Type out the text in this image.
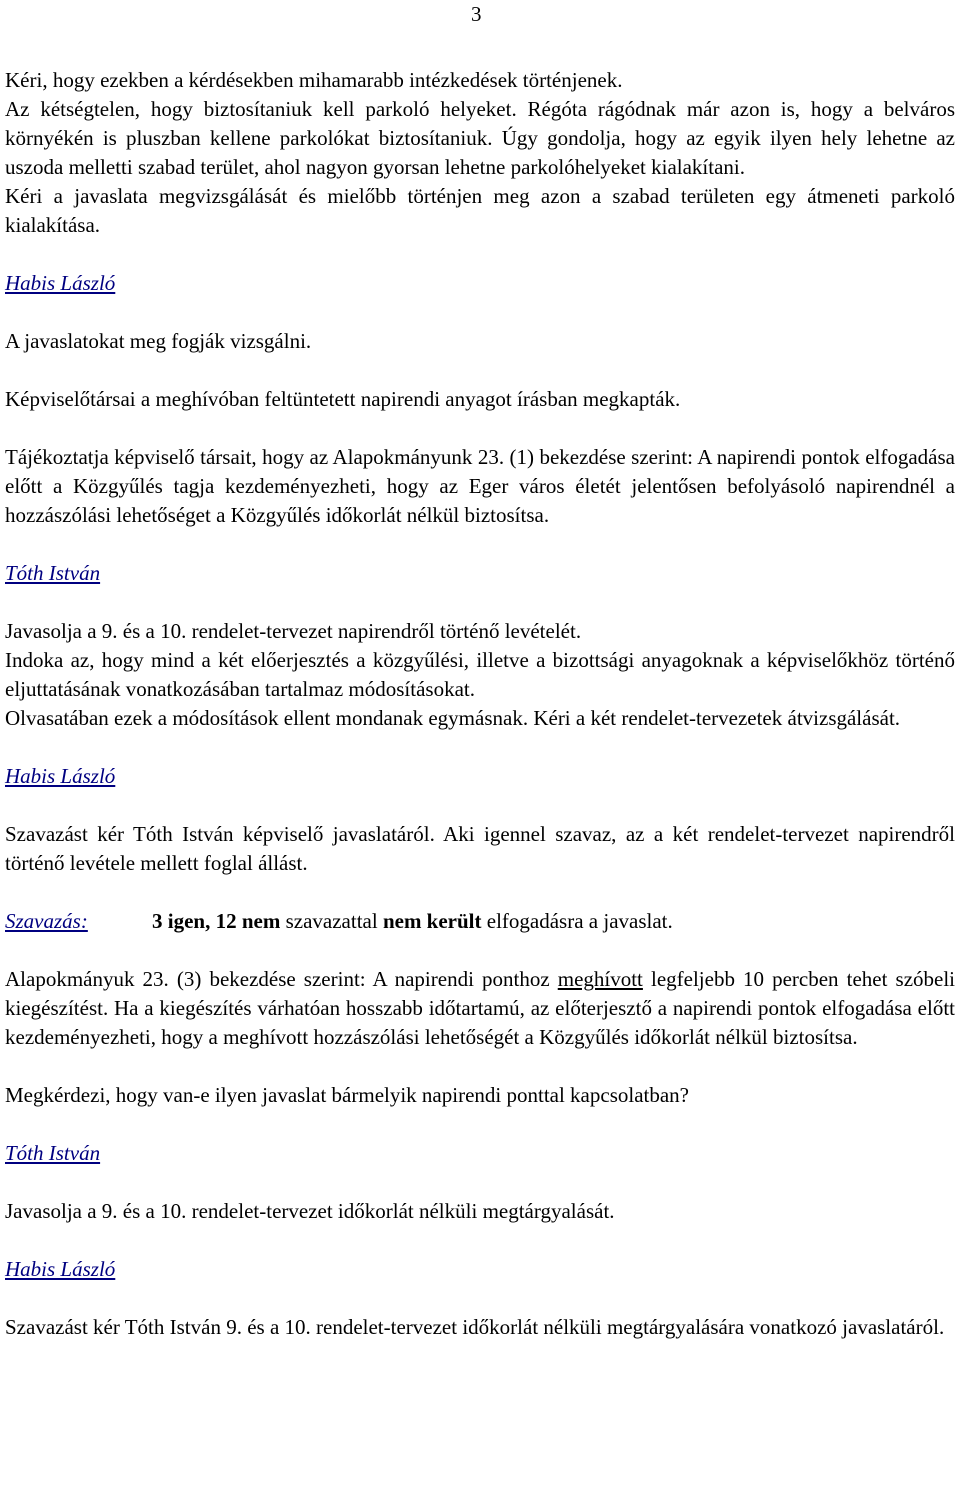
3

Kéri, hogy ezekben a kérdésekben mihamarabb intézkedések történjenek.

Az kétségtelen, hogy biztosítaniuk kell parkoló helyeket. Régóta rágódnak már azon is, hogy a belváros környékén is pluszban kellene parkolókat biztosítaniuk. Úgy gondolja, hogy az egyik ilyen hely lehetne az uszoda melletti szabad terület, ahol nagyon gyorsan lehetne parkolóhelyeket kialakítani.

Kéri a javaslata megvizsgálását és mielőbb történjen meg azon a szabad területen egy átmeneti parkoló kialakítása.

Habis László

A javaslatokat meg fogják vizsgálni.

Képviselőtársai a meghívóban feltüntetett napirendi anyagot írásban megkapták.

Tájékoztatja képviselő társait, hogy az Alapokmányunk 23. (1) bekezdése szerint: A napirendi pontok elfogadása előtt a Közgyűlés tagja kezdeményezheti, hogy az Eger város életét jelentősen befolyásoló napirendnél a hozzászólási lehetőséget a Közgyűlés időkorlát nélkül biztosítsa.

Tóth István

Javasolja a 9. és a 10. rendelet-tervezet napirendről történő levételét.

Indoka az, hogy mind a két előerjesztés a közgyűlési, illetve a bizottsági anyagoknak a képviselőkhöz történő eljuttatásának vonatkozásában tartalmaz módosításokat.

Olvasatában ezek a módosítások ellent mondanak egymásnak. Kéri a két rendelet-tervezetek átvizsgálását.

Habis László

Szavazást kér Tóth István képviselő javaslatáról. Aki igennel szavaz, az a két rendelet-tervezet napirendről történő levétele mellett foglal állást.

Szavazás:	3 igen, 12 nem szavazattal nem került elfogadásra a javaslat.

Alapokmányuk 23. (3) bekezdése szerint: A napirendi ponthoz meghívott legfeljebb 10 percben tehet szóbeli kiegészítést. Ha a kiegészítés várhatóan hosszabb időtartamú, az előterjesztő a napirendi pontok elfogadása előtt kezdeményezheti, hogy a meghívott hozzászólási lehetőségét a Közgyűlés időkorlát nélkül biztosítsa.

Megkérdezi, hogy van-e ilyen javaslat bármelyik napirendi ponttal kapcsolatban?

Tóth István

Javasolja a 9. és a 10. rendelet-tervezet időkorlát nélküli megtárgyalását.

Habis László

Szavazást kér Tóth István 9. és a 10. rendelet-tervezet időkorlát nélküli megtárgyalására vonatkozó javaslatáról.
